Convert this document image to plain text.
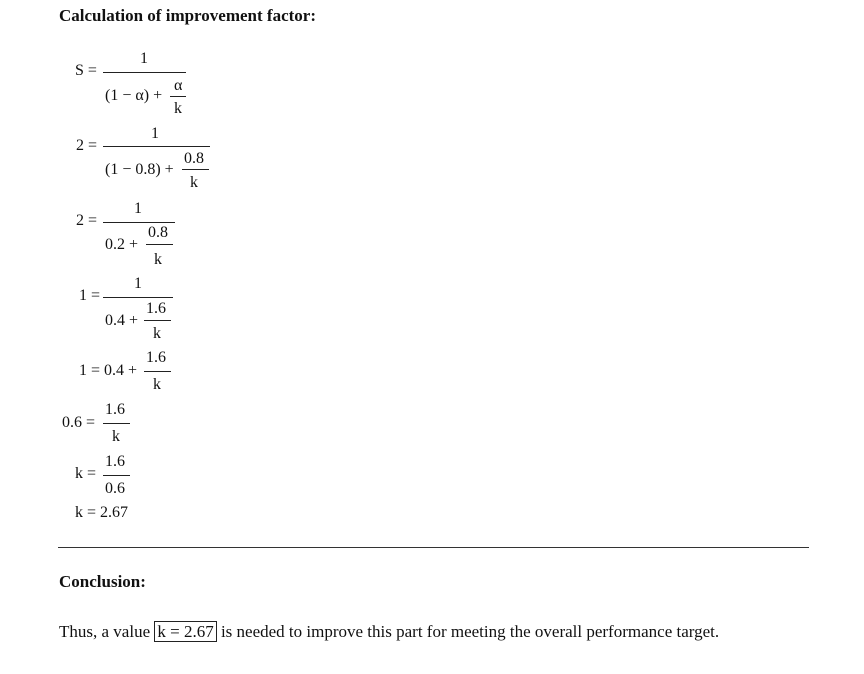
Calculation of improvement factor:
S =
1
(1 − α) +
α
k
2 =
1
(1 − 0.8) +
0.8
k
2 =
1
0.2 +
0.8
k
1 =
1
0.4 +
1.6
k
1 = 0.4 +
1.6
k
0.6 =
1.6
k
k =
1.6
0.6
k = 2.67
Conclusion:
Thus, a value k = 2.67 is needed to improve this part for meeting the overall performance target.
